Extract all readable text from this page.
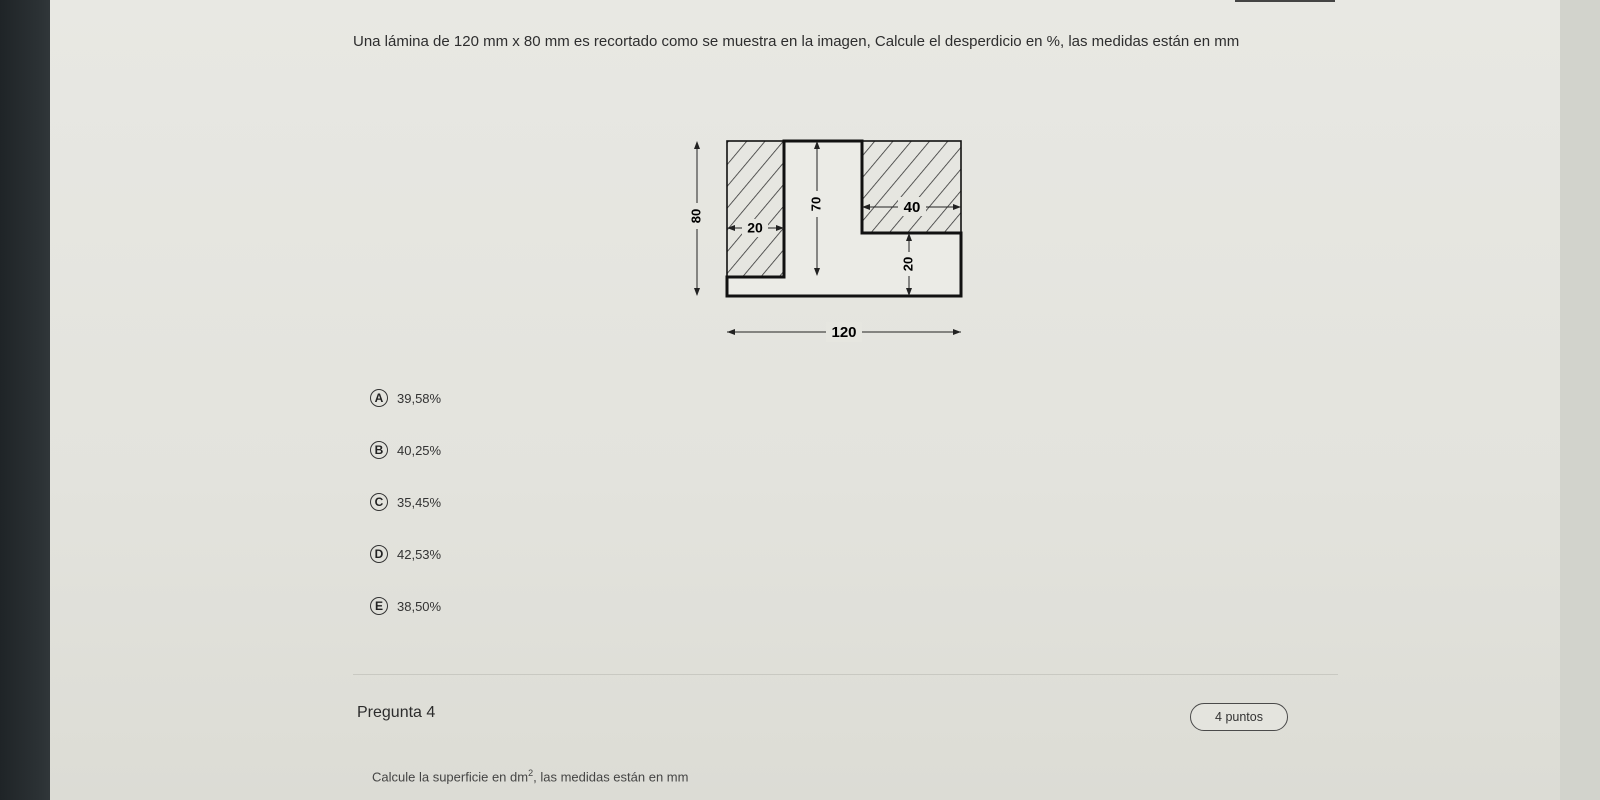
Una lámina de 120 mm x 80 mm es recortado como se muestra en la imagen, Calcule el desperdicio en %, las medidas están en mm
80
70
20
40
20
120
A	39,58%
B	40,25%
C	35,45%
D	42,53%
E	38,50%
Pregunta 4	4 puntos
Calcule la superficie en $dm^2$, las medidas están en mm
